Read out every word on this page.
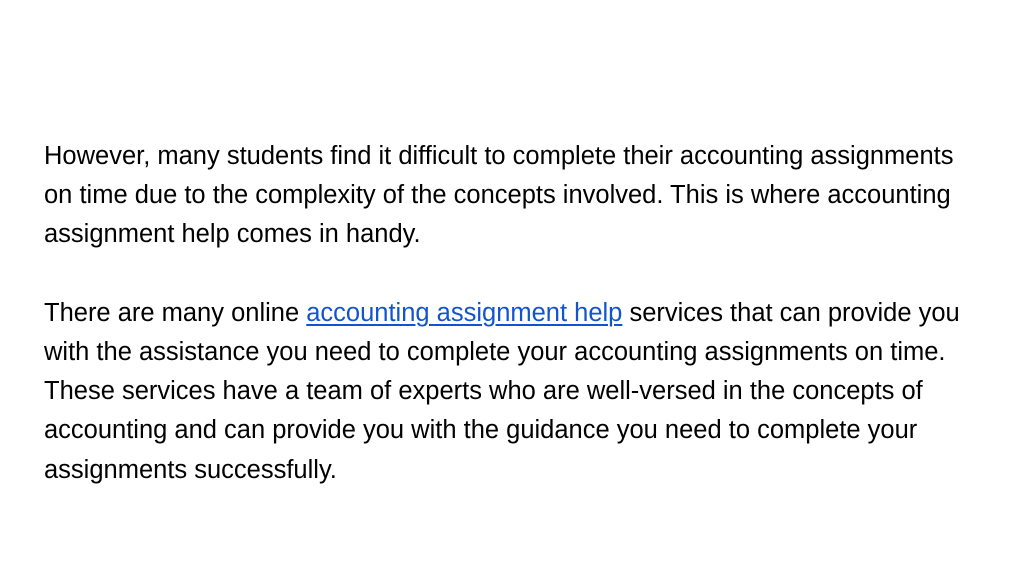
However, many students find it difficult to complete their accounting assignments on time due to the complexity of the concepts involved. This is where accounting assignment help comes in handy.

There are many online accounting assignment help services that can provide you with the assistance you need to complete your accounting assignments on time. These services have a team of experts who are well-versed in the concepts of accounting and can provide you with the guidance you need to complete your assignments successfully.
